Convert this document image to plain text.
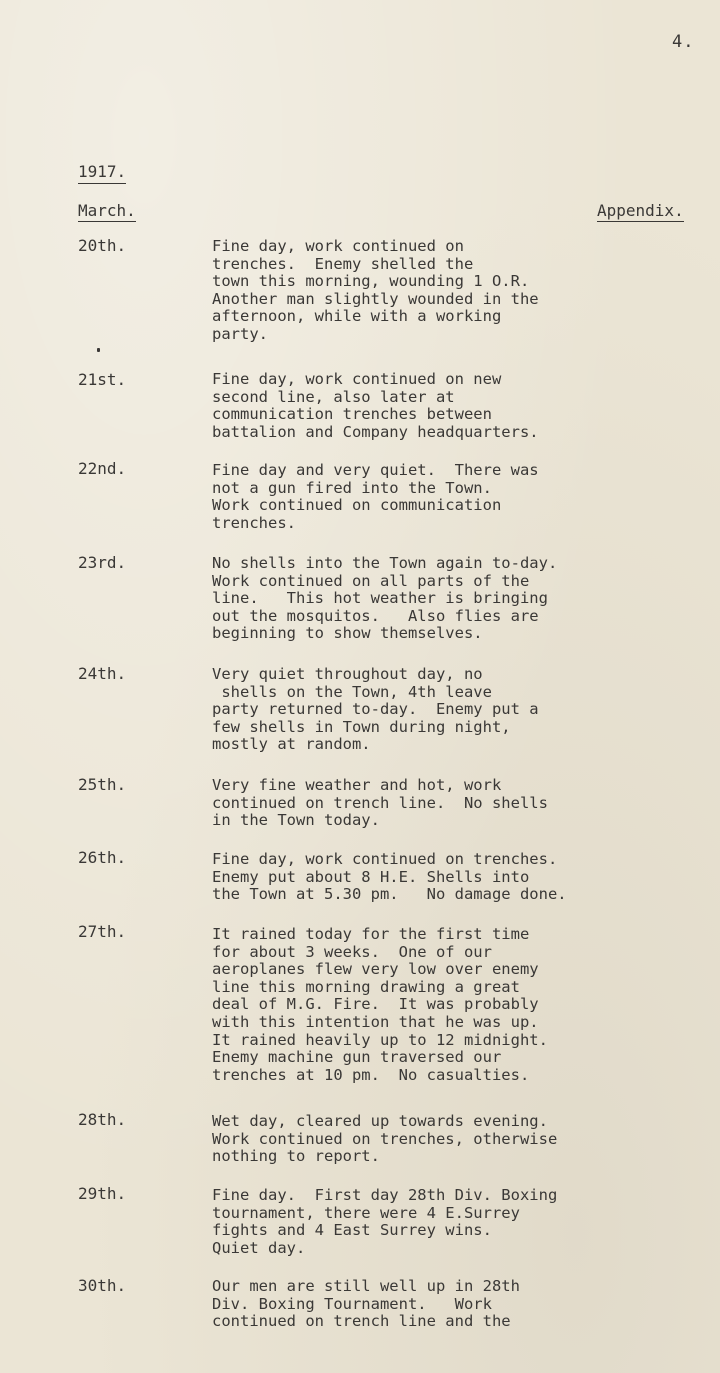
4.
1917.
March.	Appendix.
20th.	Fine day, work continued on
trenches.  Enemy shelled the
town this morning, wounding 1 O.R.
Another man slightly wounded in the
afternoon, while with a working
party.
21st.	Fine day, work continued on new
second line, also later at
communication trenches between
battalion and Company headquarters.
22nd.	Fine day and very quiet.  There was
not a gun fired into the Town.
Work continued on communication
trenches.
23rd.	No shells into the Town again to-day.
Work continued on all parts of the
line.   This hot weather is bringing
out the mosquitos.   Also flies are
beginning to show themselves.
24th.	Very quiet throughout day, no
shells on the Town, 4th leave
party returned to-day.  Enemy put a
few shells in Town during night,
mostly at random.
25th.	Very fine weather and hot, work
continued on trench line.  No shells
in the Town today.
26th.	Fine day, work continued on trenches.
Enemy put about 8 H.E. Shells into
the Town at 5.30 pm.   No damage done.
27th.	It rained today for the first time
for about 3 weeks.  One of our
aeroplanes flew very low over enemy
line this morning drawing a great
deal of M.G. Fire.  It was probably
with this intention that he was up.
It rained heavily up to 12 midnight.
Enemy machine gun traversed our
trenches at 10 pm.  No casualties.
28th.	Wet day, cleared up towards evening.
Work continued on trenches, otherwise
nothing to report.
29th.	Fine day.  First day 28th Div. Boxing
tournament, there were 4 E.Surrey
fights and 4 East Surrey wins.
Quiet day.
30th.	Our men are still well up in 28th
Div. Boxing Tournament.   Work
continued on trench line and the
